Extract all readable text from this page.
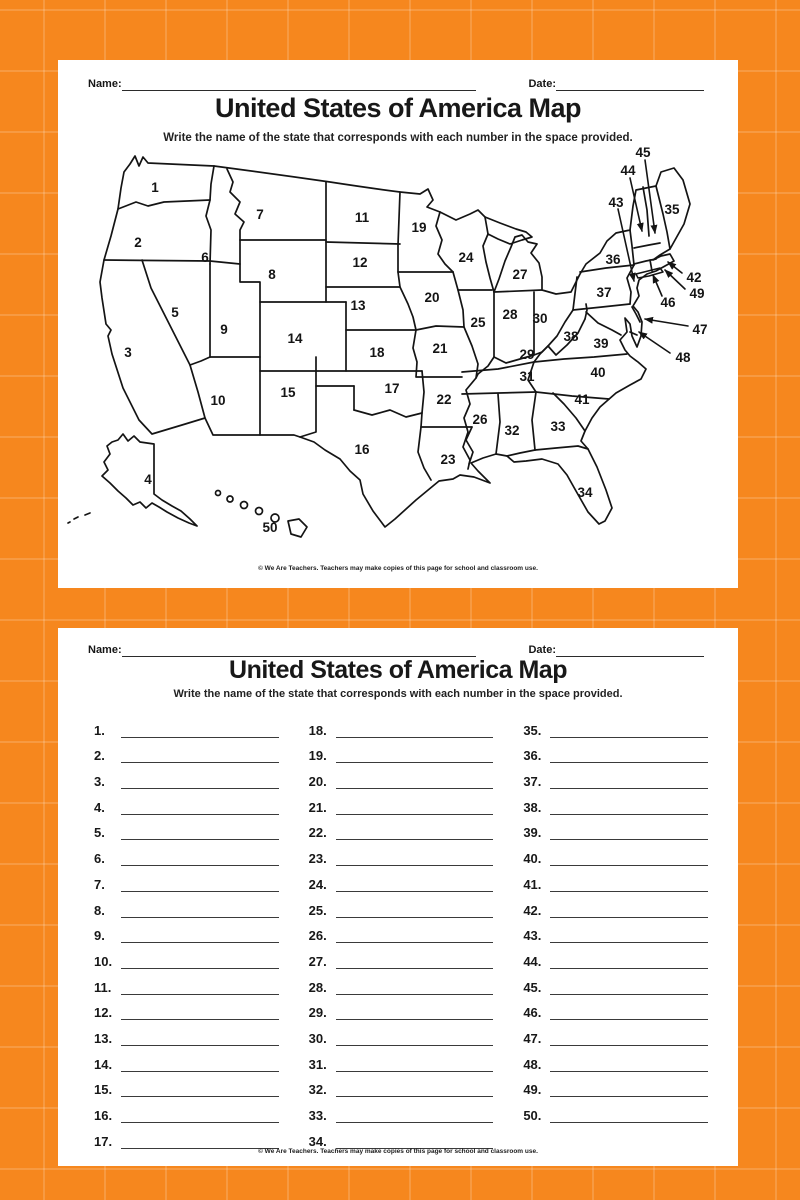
Name:	Date:
United States of America Map
Write the name of the state that corresponds with each number in the space provided.
1
2
3
4
5
6
7
8
9
10
11
12
13
14
15
16
17
18
19
20
21
22
23
24
25
26
27
28
29
30
31
32 33
34
35
36
37
38 39
40
41
42
43
44
45
46
47
48
49
50
© We Are Teachers. Teachers may make copies of this page for school and classroom use.
Name:	Date:
United States of America Map
Write the name of the state that corresponds with each number in the space provided.
1.
2.
3.
4.
5.
6.
7.
8.
9.
10.
11.
12.
13.
14.
15.
16.
17.
18.
19.
20.
21.
22.
23.
24.
25.
26.
27.
28.
29.
30.
31.
32.
33.
34.
35.
36.
37.
38.
39.
40.
41.
42.
43.
44.
45.
46.
47.
48.
49.
50.
© We Are Teachers. Teachers may make copies of this page for school and classroom use.
